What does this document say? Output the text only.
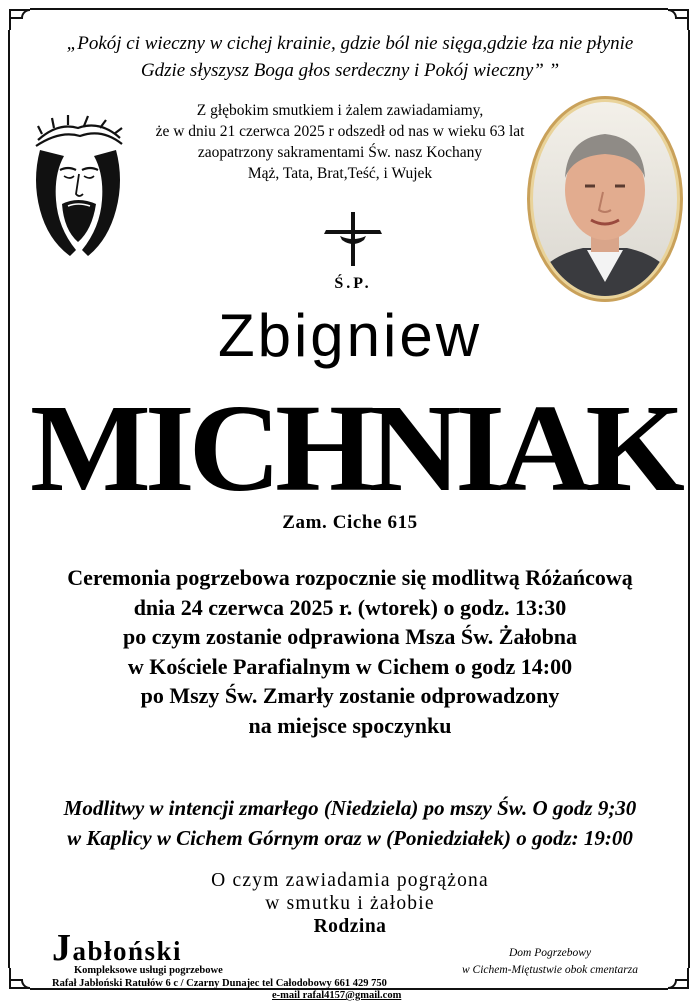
„Pokój ci wieczny w cichej krainie, gdzie ból nie sięga,gdzie łza nie płynie
Gdzie słyszysz Boga głos serdeczny i Pokój wieczny” ”
Z głębokim smutkiem i żalem zawiadamiamy,
że w dniu 21 czerwca 2025 r odszedł od nas w wieku 63 lat
zaopatrzony sakramentami Św. nasz Kochany
Mąż, Tata, Brat,Teść, i Wujek
Ś.P.
Zbigniew
MICHNIAK
Zam. Ciche 615
Ceremonia pogrzebowa rozpocznie się modlitwą Różańcową
dnia 24 czerwca 2025 r. (wtorek) o godz. 13:30
po czym zostanie odprawiona Msza Św. Żałobna
w Kościele Parafialnym w Cichem o godz 14:00
po Mszy Św. Zmarły zostanie odprowadzony
na miejsce spoczynku
Modlitwy w intencji zmarłego (Niedziela) po mszy Św. O godz 9;30
w Kaplicy w Cichem Górnym oraz w (Poniedziałek) o godz: 19:00
O czym zawiadamia pogrążona
w smutku i żałobie
Rodzina
Jabłoński
Kompleksowe usługi pogrzebowe
Rafał Jabłoński Ratułów 6 c / Czarny Dunajec tel Całodobowy 661 429 750
e-mail rafal4157@gmail.com
Dom Pogrzebowy
w Cichem-Miętustwie obok cmentarza
